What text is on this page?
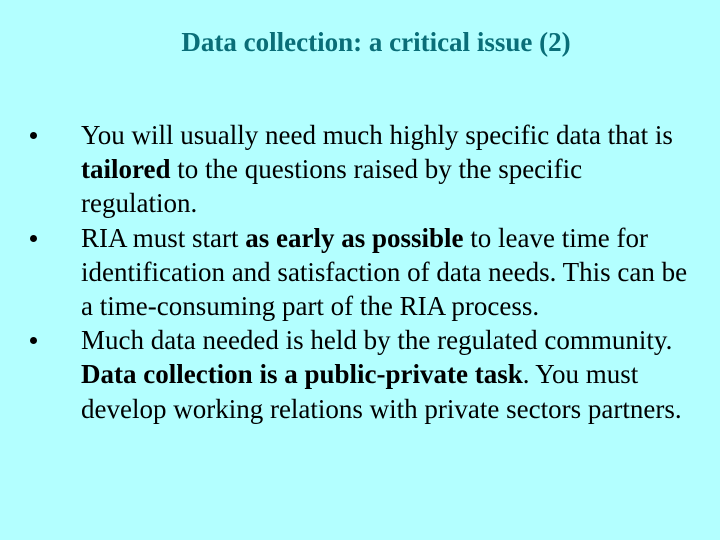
Data collection: a critical issue (2)
You will usually need much highly specific data that is tailored to the questions raised by the specific regulation.
RIA must start as early as possible to leave time for identification and satisfaction of data needs. This can be a time-consuming part of the RIA process.
Much data needed is held by the regulated community. Data collection is a public-private task. You must develop working relations with private sectors partners.
